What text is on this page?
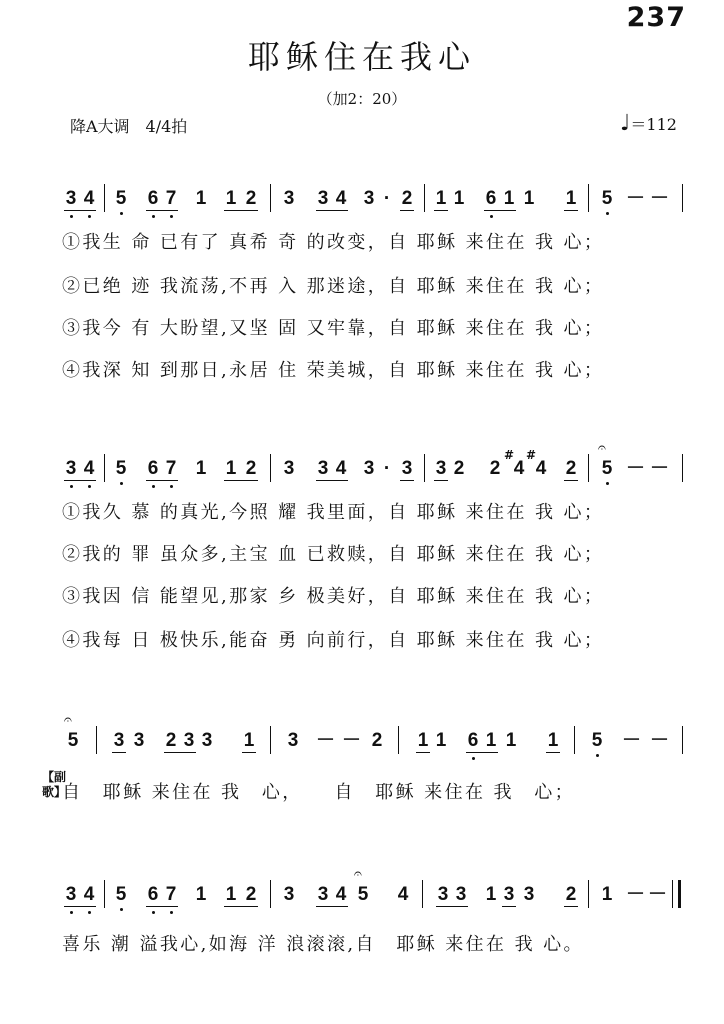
237
耶稣住在我心
（加2：20）
降A大调　4/4拍	♩＝112
3 4 5 6 7 1 1 2 3 3 4 3 · 2 1 1 6 1 1 1 5 － －
①我生 命 已有了 真希 奇 的改变，自 耶稣 来住在 我 心；
②已绝 迹 我流荡,不再 入 那迷途，自 耶稣 来住在 我 心；
③我今 有 大盼望,又坚 固 又牢靠，自 耶稣 来住在 我 心；
④我深 知 到那日,永居 住 荣美城，自 耶稣 来住在 我 心；
3 4 5 6 7 1 1 2 3 3 4 3 · 3 3 2 2
#
4
#
4 2
𝄐
5 － －
①我久 慕 的真光,今照 耀 我里面，自 耶稣 来住在 我 心；
②我的 罪 虽众多,主宝 血 已救赎，自 耶稣 来住在 我 心；
③我因 信 能望见,那家 乡 极美好，自 耶稣 来住在 我 心；
④我每 日 极快乐,能奋 勇 向前行，自 耶稣 来住在 我 心；
𝄐
5 3 3 2 3 3 1 3 － － 2 1 1 6 1 1 1 5 － －
【副歌】
自　耶稣 来住在 我　心，　　自　耶稣 来住在 我　心；
3 4 5 6 7 1 1 2 3 3 4
𝄐
5 4 3 3 1 3 3 2 1 － －
喜乐 潮 溢我心,如海 洋 浪滚滚,自　耶稣 来住在 我 心。
